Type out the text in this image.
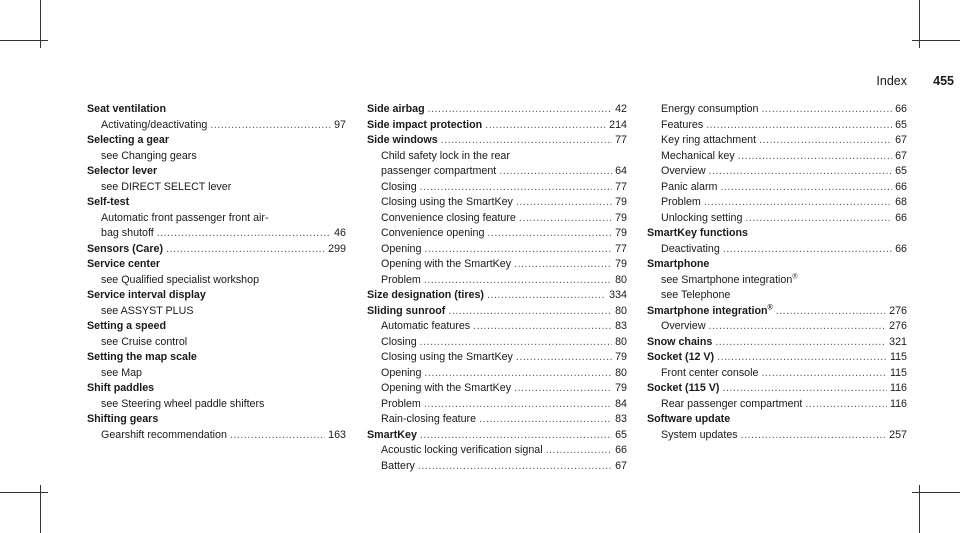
Index 455
Seat ventilation
Activating/deactivating .....	97
Selecting a gear
see Changing gears
Selector lever
see DIRECT SELECT lever
Self-test
Automatic front passenger front air-
bag shutoff .....	46
Sensors (Care) .....	299
Service center
see Qualified specialist workshop
Service interval display
see ASSYST PLUS
Setting a speed
see Cruise control
Setting the map scale
see Map
Shift paddles
see Steering wheel paddle shifters
Shifting gears
Gearshift recommendation .....	163
Side airbag .....	42
Side impact protection .....	214
Side windows .....	77
Child safety lock in the rear
passenger compartment .....	64
Closing .....	77
Closing using the SmartKey .....	79
Convenience closing feature .....	79
Convenience opening .....	79
Opening .....	77
Opening with the SmartKey .....	79
Problem .....	80
Size designation (tires) .....	334
Sliding sunroof .....	80
Automatic features .....	83
Closing .....	80
Closing using the SmartKey .....	79
Opening .....	80
Opening with the SmartKey .....	79
Problem .....	84
Rain-closing feature .....	83
SmartKey .....	65
Acoustic locking verification signal .....	66
Battery .....	67
Energy consumption .....	66
Features .....	65
Key ring attachment .....	67
Mechanical key .....	67
Overview .....	65
Panic alarm .....	66
Problem .....	68
Unlocking setting .....	66
SmartKey functions
Deactivating .....	66
Smartphone
see Smartphone integration®
see Telephone
Smartphone integration® .....	276
Overview .....	276
Snow chains .....	321
Socket (12 V) .....	115
Front center console .....	115
Socket (115 V) .....	116
Rear passenger compartment .....	116
Software update
System updates .....	257
